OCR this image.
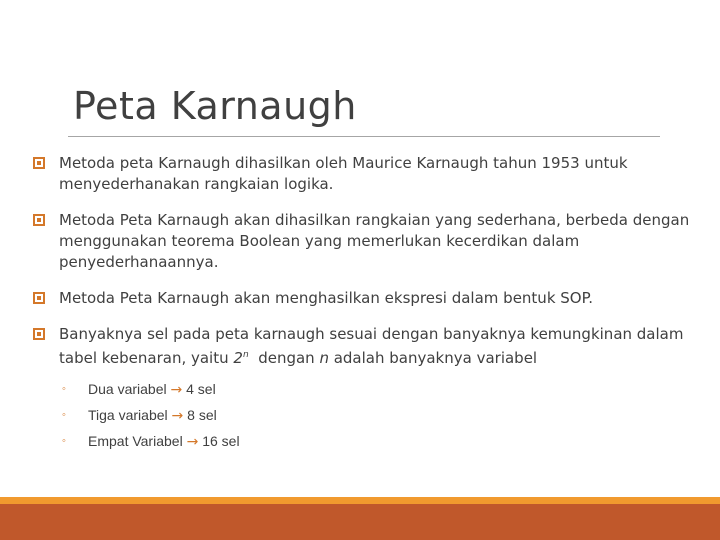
Peta Karnaugh
Metoda peta Karnaugh dihasilkan oleh Maurice Karnaugh tahun 1953 untuk menyederhanakan rangkaian logika.
Metoda Peta Karnaugh akan dihasilkan rangkaian yang sederhana, berbeda dengan menggunakan teorema Boolean yang memerlukan kecerdikan dalam penyederhanaannya.
Metoda Peta Karnaugh akan menghasilkan ekspresi dalam bentuk SOP.
Banyaknya sel pada peta karnaugh sesuai dengan banyaknya kemungkinan dalam tabel kebenaran, yaitu 2$^n$  dengan n adalah banyaknya variabel
◦ Dua variabel → 4 sel
◦ Tiga variabel → 8 sel
◦ Empat Variabel → 16 sel
